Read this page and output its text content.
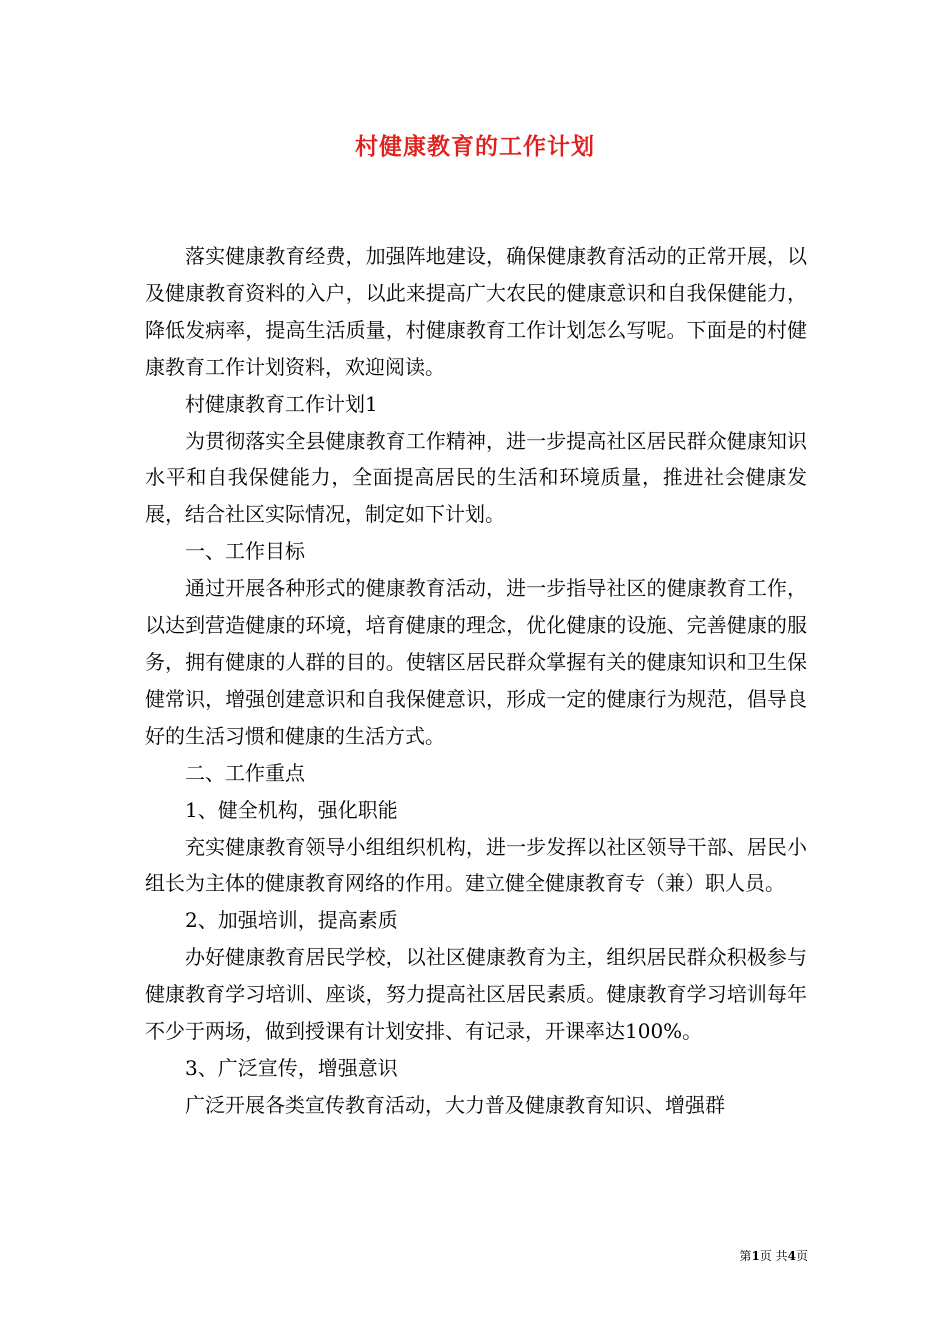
村健康教育的工作计划

落实健康教育经费，加强阵地建设，确保健康教育活动的正常开展，以及健康教育资料的入户，以此来提高广大农民的健康意识和自我保健能力，降低发病率，提高生活质量，村健康教育工作计划怎么写呢。下面是的村健康教育工作计划资料，欢迎阅读。

村健康教育工作计划1

为贯彻落实全县健康教育工作精神，进一步提高社区居民群众健康知识水平和自我保健能力，全面提高居民的生活和环境质量，推进社会健康发展，结合社区实际情况，制定如下计划。

一、工作目标

通过开展各种形式的健康教育活动，进一步指导社区的健康教育工作，以达到营造健康的环境，培育健康的理念，优化健康的设施、完善健康的服务，拥有健康的人群的目的。使辖区居民群众掌握有关的健康知识和卫生保健常识，增强创建意识和自我保健意识，形成一定的健康行为规范，倡导良好的生活习惯和健康的生活方式。

二、工作重点

1、健全机构，强化职能

充实健康教育领导小组组织机构，进一步发挥以社区领导干部、居民小组长为主体的健康教育网络的作用。建立健全健康教育专（兼）职人员。

2、加强培训，提高素质

办好健康教育居民学校，以社区健康教育为主，组织居民群众积极参与健康教育学习培训、座谈，努力提高社区居民素质。健康教育学习培训每年不少于两场，做到授课有计划安排、有记录，开课率达100%。

3、广泛宣传，增强意识

广泛开展各类宣传教育活动，大力普及健康教育知识、增强群

第1页 共4页
